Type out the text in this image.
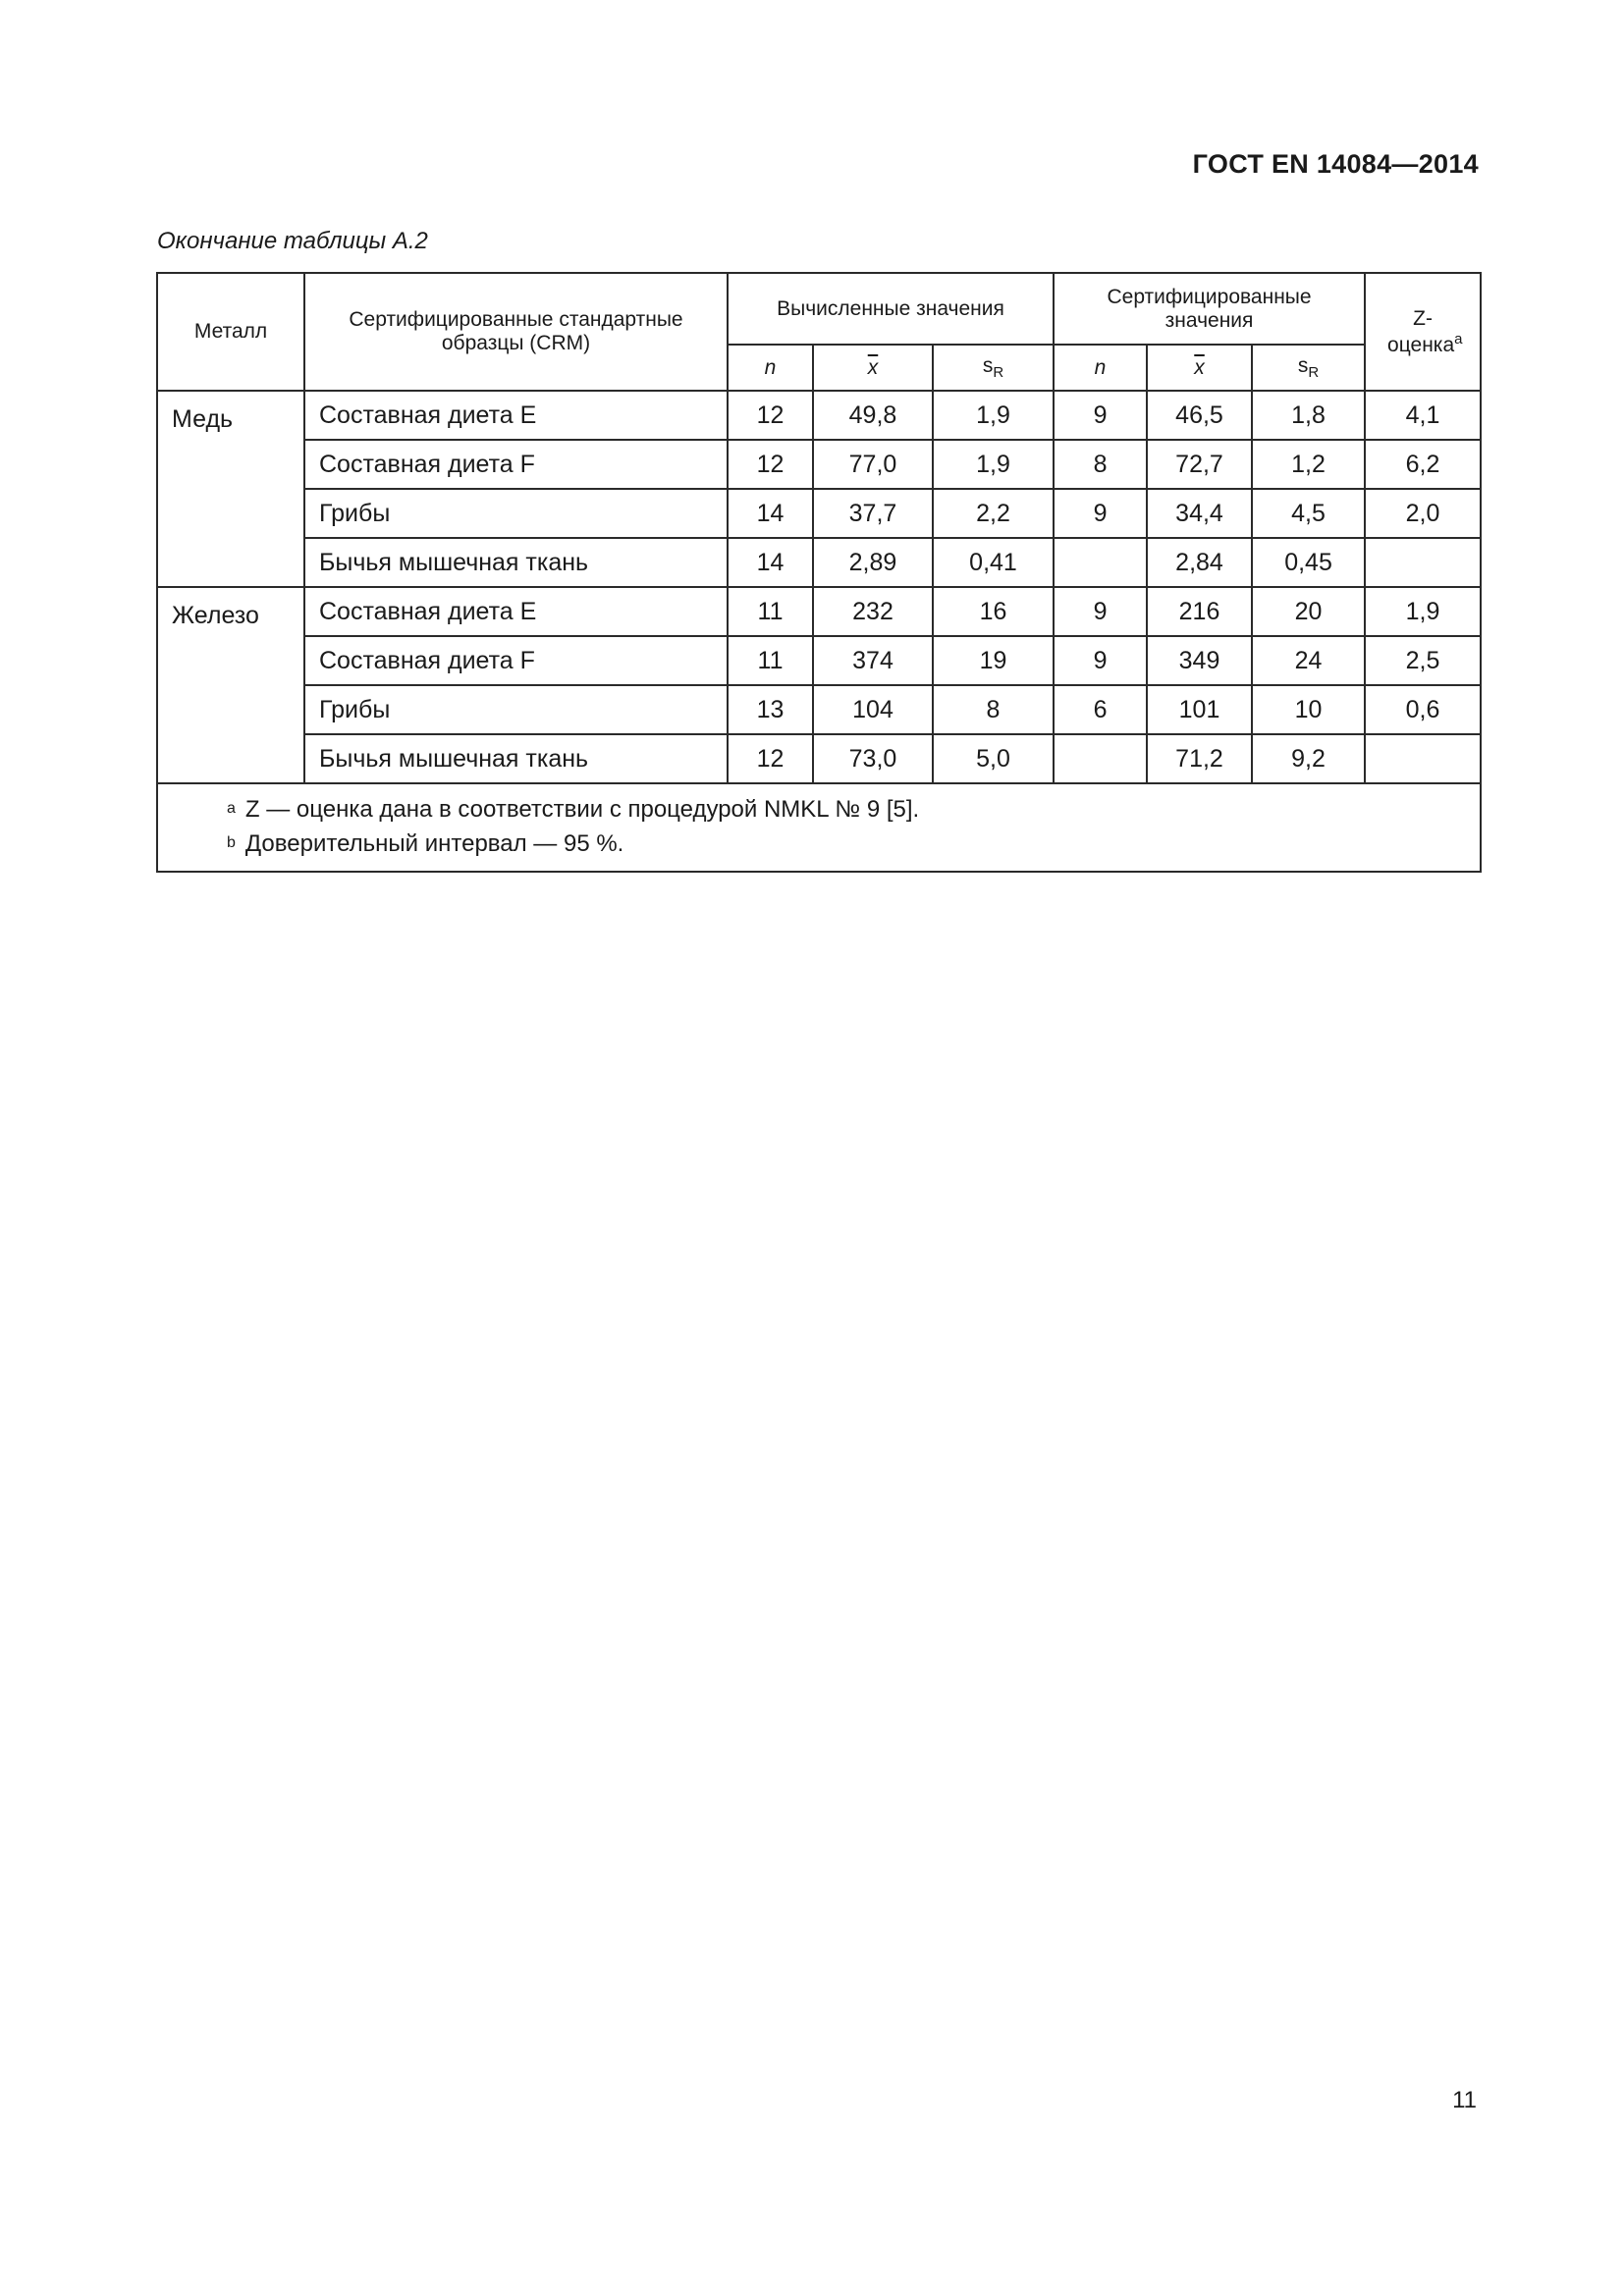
ГОСТ EN 14084—2014
Окончание таблицы А.2
Металл	Сертифицированные стандартные образцы (CRM)	Вычисленные значения			Сертифицированные значения			Z-оценка$^a$
		n	$\overline{x}$	$s_R$	n	$\overline{x}$	$s_R$
Медь	Составная диета E	12	49,8	1,9	9	46,5	1,8	4,1
	Составная диета F	12	77,0	1,9	8	72,7	1,2	6,2
	Грибы	14	37,7	2,2	9	34,4	4,5	2,0
	Бычья мышечная ткань	14	2,89	0,41		2,84	0,45	
Железо	Составная диета E	11	232	16	9	216	20	1,9
	Составная диета F	11	374	19	9	349	24	2,5
	Грибы	13	104	8	6	101	10	0,6
	Бычья мышечная ткань	12	73,0	5,0		71,2	9,2	

$^a$ Z — оценка дана в соответствии с процедурой NMKL № 9 [5].
$^b$ Доверительный интервал — 95 %.								
11
